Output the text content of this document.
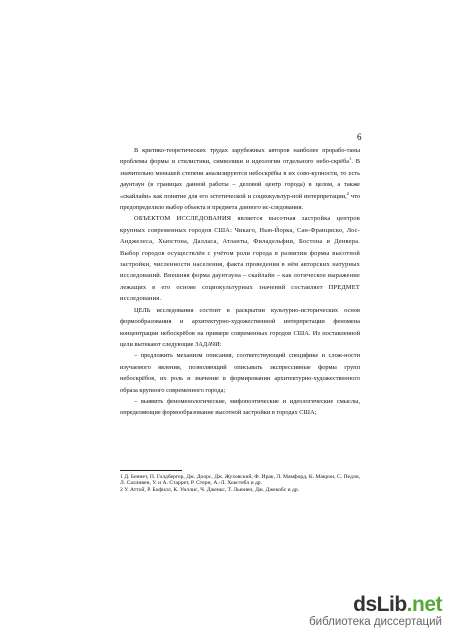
6

В критико-теоретических трудах зарубежных авторов наиболее прорабо-таны проблемы формы и стилистики, символики и идеологии отдельного небо-скрёба$^1$. В значительно меньшей степени анализируются небоскрёбы в их сово-купности, то есть даунтаун (в границах данной работы – деловой центр города) в целом, а также «скайлайн» как понятие для его эстетической и социокультур-ной интерпретации,$^2$ что предопределило выбор объекта и предмета данного ис-следования.

ОБЪЕКТОМ ИССЛЕДОВАНИЯ является высотная застройка центров крупных современных городов США: Чикаго, Нью-Йорка, Сан-Франциско, Лос-Анджелеса, Хьюстона, Далласа, Атланты, Филадельфии, Бостона и Денвера. Выбор городов осуществлён с учётом роли города в развитии формы высотной застройки, численности населения, факта проведения в нём авторских натурных исследований. Внешняя форма даунтауна – скайлайн – как логическое выражение лежащих в его основе социокультурных значений составляет ПРЕДМЕТ исследования.

ЦЕЛЬ исследования состоит в раскрытии культурно-исторических основ формообразования и архитектурно-художественной интерпретации феномена концентрации небоскрёбов на примере современных городов США. Из поставленной цели вытекают следующие ЗАДАЧИ:

– предложить механизм описания, соответствующий специфике и слож-ности изучаемого явления, позволяющий описывать экспрессивные формы групп небоскрёбов, их роль и значение в формировании архитектурно-художественного образа крупного современного города;

– выявить феноменологические, мифопоэтические и идеологические смыслы, определяющие формообразование высотной застройки в городах США;

1 Д. Беннет, П. Голдбергер, Дж. Доорс, Дж. Жуховский, Ф. Ирак, Л. Мамфорд, К. Макрон, С. Педли, Л. Салливен, У. и А. Старрет, Р. Стерн, А.-Л. Хокстебл и др.

2 У. Аттой, Р. Бофилл, К. Уиллис, Ч. Дженкс, Т. Льюнеи, Дж. Джекобс и др.

dsLib.net
библиотека диссертаций
